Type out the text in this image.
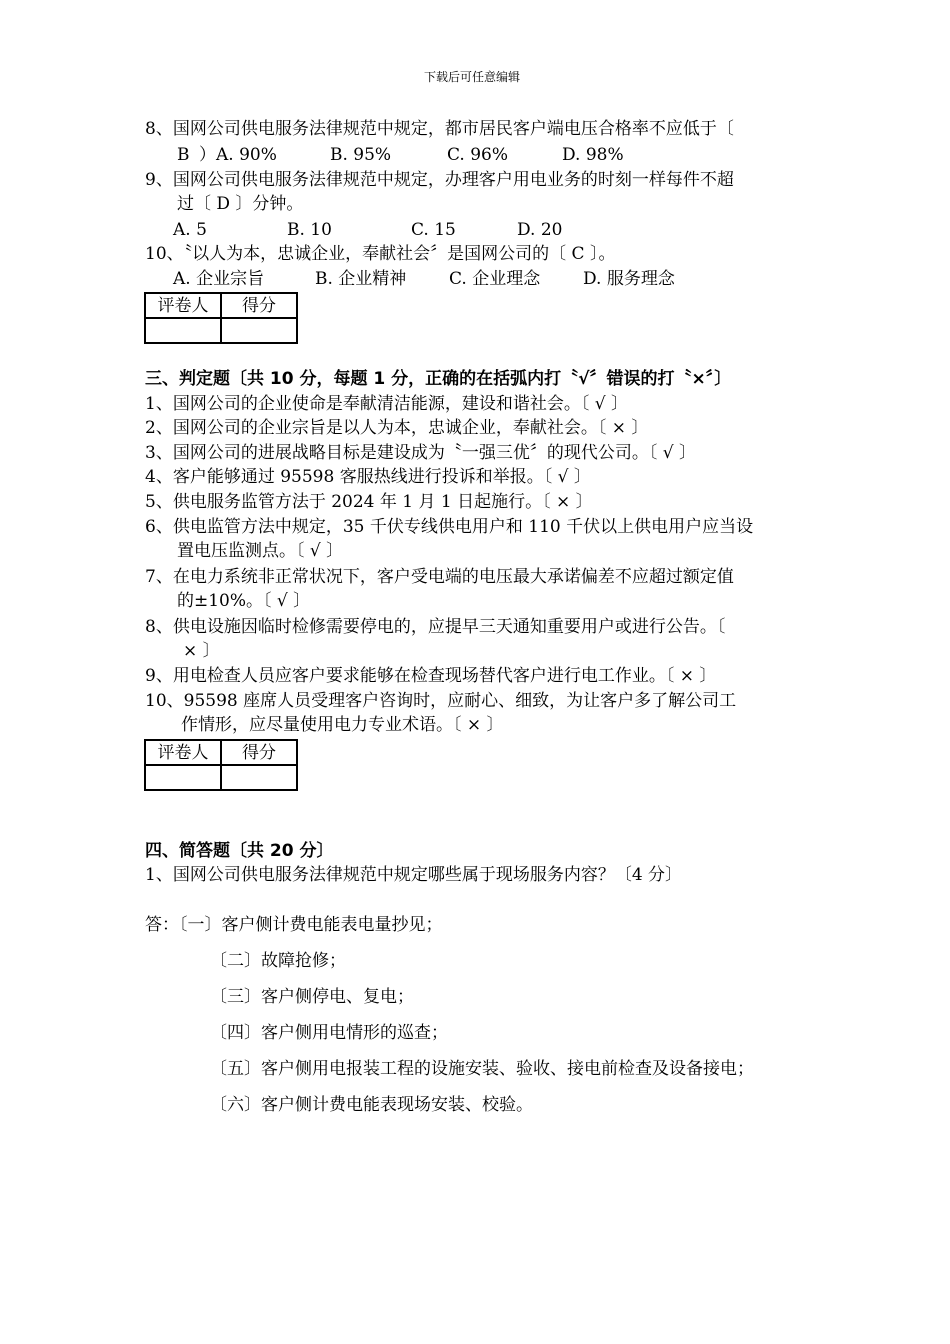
下载后可任意编辑
8、国网公司供电服务法律规范中规定，都市居民客户端电压合格率不应低于〔
B ）A. 90%	B. 95%	C. 96%	D. 98%
9、国网公司供电服务法律规范中规定，办理客户用电业务的时刻一样每件不超
过〔 D 〕分钟。
A. 5	B. 10	C. 15	D. 20
10、〝以人为本，忠诚企业，奉献社会〞是国网公司的〔 C 〕。
A. 企业宗旨	B. 企业精神	C. 企业理念	D. 服务理念
评卷人	得分

三、判定题〔共 10 分，每题 1 分，正确的在括弧内打〝√〞错误的打〝×〞〕
1、国网公司的企业使命是奉献清洁能源，建设和谐社会。〔 √ 〕
2、国网公司的企业宗旨是以人为本，忠诚企业，奉献社会。〔 × 〕
3、国网公司的进展战略目标是建设成为〝一强三优〞的现代公司。〔 √ 〕
4、客户能够通过 95598 客服热线进行投诉和举报。〔 √ 〕
5、供电服务监管方法于 2024 年 1 月 1 日起施行。〔 × 〕
6、供电监管方法中规定，35 千伏专线供电用户和 110 千伏以上供电用户应当设
置电压监测点。〔 √ 〕
7、在电力系统非正常状况下，客户受电端的电压最大承诺偏差不应超过额定值
的±10%。〔 √ 〕
8、供电设施因临时检修需要停电的，应提早三天通知重要用户或进行公告。〔
× 〕
9、用电检查人员应客户要求能够在检查现场替代客户进行电工作业。〔 × 〕
10、95598 座席人员受理客户咨询时，应耐心、细致，为让客户多了解公司工
作情形，应尽量使用电力专业术语。〔 × 〕
评卷人	得分

四、简答题〔共 20 分〕
1、国网公司供电服务法律规范中规定哪些属于现场服务内容？〔4 分〕
答：〔一〕客户侧计费电能表电量抄见；
〔二〕故障抢修；
〔三〕客户侧停电、复电；
〔四〕客户侧用电情形的巡查；
〔五〕客户侧用电报装工程的设施安装、验收、接电前检查及设备接电；
〔六〕客户侧计费电能表现场安装、校验。
